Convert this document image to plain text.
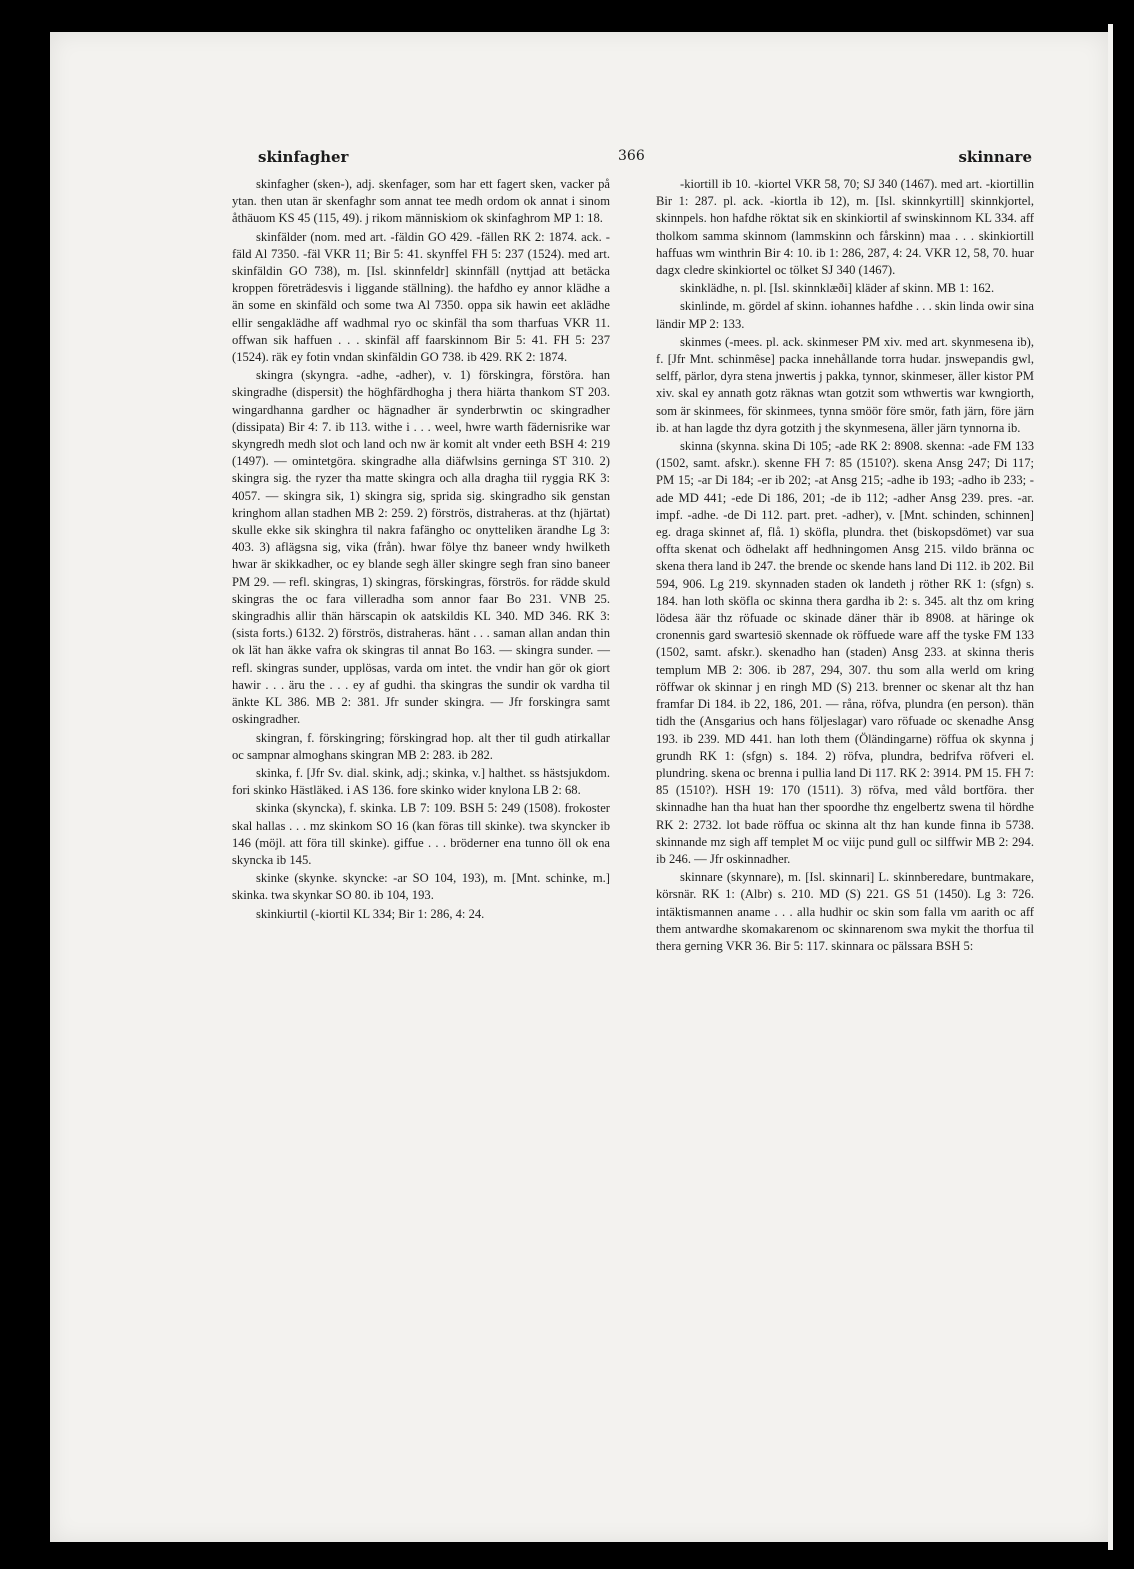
skinfagher	366	skinnare

skinfagher (sken-), adj. skenfager, som har ett fagert sken, vacker på ytan. then utan är skenfaghr som annat tee medh ordom ok annat i sinom åthäuom KS 45 (115, 49). j rikom människiom ok skinfaghrom MP 1: 18.

skinfälder (nom. med art. -fäldin GO 429. -fällen RK 2: 1874. ack. -fäld Al 7350. -fäl VKR 11; Bir 5: 41. skynffel FH 5: 237 (1524). med art. skinfäldin GO 738), m. [Isl. skinnfeldr] skinnfäll (nyttjad att betäcka kroppen företrädesvis i liggande ställning). the hafdho ey annor klädhe a än some en skinfäld och some twa Al 7350. oppa sik hawin eet aklädhe ellir sengaklädhe aff wadhmal ryo oc skinfäl tha som tharfuas VKR 11. offwan sik haffuen . . . skinfäl aff faarskinnom Bir 5: 41. FH 5: 237 (1524). räk ey fotin vndan skinfäldin GO 738. ib 429. RK 2: 1874.

skingra (skyngra. -adhe, -adher), v. 1) förskingra, förstöra. han skingradhe (dispersit) the höghfärdhogha j thera hiärta thankom ST 203. wingardhanna gardher oc hägnadher är synderbrwtin oc skingradher (dissipata) Bir 4: 7. ib 113. withe i . . . weel, hwre warth fädernisrike war skyngredh medh slot och land och nw är komit alt vnder eeth BSH 4: 219 (1497). — omintetgöra. skingradhe alla diäfwlsins gerninga ST 310. 2) skingra sig. the ryzer tha matte skingra och alla dragha tiil ryggia RK 3: 4057. — skingra sik, 1) skingra sig, sprida sig. skingradho sik genstan kringhom allan stadhen MB 2: 259. 2) förströs, distraheras. at thz (hjärtat) skulle ekke sik skinghra til nakra fafängho oc onytteliken ärandhe Lg 3: 403. 3) aflägsna sig, vika (från). hwar fölye thz baneer wndy hwilketh hwar är skikkadher, oc ey blande segh äller skingre segh fran sino baneer PM 29. — refl. skingras, 1) skingras, förskingras, förströs. for rädde skuld skingras the oc fara villeradha som annor faar Bo 231. VNB 25. skingradhis allir thän härscapin ok aatskildis KL 340. MD 346. RK 3: (sista forts.) 6132. 2) förströs, distraheras. hänt . . . saman allan andan thin ok lät han äkke vafra ok skingras til annat Bo 163. — skingra sunder. — refl. skingras sunder, upplösas, varda om intet. the vndir han gör ok giort hawir . . . äru the . . . ey af gudhi. tha skingras the sundir ok vardha til änkte KL 386. MB 2: 381. Jfr sunder skingra. — Jfr forskingra samt oskingradher.

skingran, f. förskingring; förskingrad hop. alt ther til gudh atirkallar oc sampnar almoghans skingran MB 2: 283. ib 282.

skinka, f. [Jfr Sv. dial. skink, adj.; skinka, v.] halthet. ss hästsjukdom. fori skinko Hästläked. i AS 136. fore skinko wider knylona LB 2: 68.

skinka (skyncka), f. skinka. LB 7: 109. BSH 5: 249 (1508). frokoster skal hallas . . . mz skinkom SO 16 (kan föras till skinke). twa skyncker ib 146 (möjl. att föra till skinke). giffue . . . bröderner ena tunno öll ok ena skyncka ib 145.

skinke (skynke. skyncke: -ar SO 104, 193), m. [Mnt. schinke, m.] skinka. twa skynkar SO 80. ib 104, 193.

skinkiurtil (-kiortil KL 334; Bir 1: 286, 4: 24.

-kiortill ib 10. -kiortel VKR 58, 70; SJ 340 (1467). med art. -kiortillin Bir 1: 287. pl. ack. -kiortla ib 12), m. [Isl. skinnkyrtill] skinnkjortel, skinnpels. hon hafdhe röktat sik en skinkiortil af swinskinnom KL 334. aff tholkom samma skinnom (lammskinn och fårskinn) maa . . . skinkiortill haffuas wm winthrin Bir 4: 10. ib 1: 286, 287, 4: 24. VKR 12, 58, 70. huar dagx cledre skinkiortel oc tölket SJ 340 (1467).

skinklädhe, n. pl. [Isl. skinnklæði] kläder af skinn. MB 1: 162.

skinlinde, m. gördel af skinn. iohannes hafdhe . . . skin linda owir sina ländir MP 2: 133.

skinmes (-mees. pl. ack. skinmeser PM xiv. med art. skynmesena ib), f. [Jfr Mnt. schinmêse] packa innehållande torra hudar. jnswepandis gwl, selff, pärlor, dyra stena jnwertis j pakka, tynnor, skinmeser, äller kistor PM xiv. skal ey annath gotz räknas wtan gotzit som wthwertis war kwngiorth, som är skinmees, för skinmees, tynna smöör före smör, fath järn, före järn ib. at han lagde thz dyra gotzith j the skynmesena, äller järn tynnorna ib.

skinna (skynna. skina Di 105; -ade RK 2: 8908. skenna: -ade FM 133 (1502, samt. afskr.). skenne FH 7: 85 (1510?). skena Ansg 247; Di 117; PM 15; -ar Di 184; -er ib 202; -at Ansg 215; -adhe ib 193; -adho ib 233; -ade MD 441; -ede Di 186, 201; -de ib 112; -adher Ansg 239. pres. -ar. impf. -adhe. -de Di 112. part. pret. -adher), v. [Mnt. schinden, schinnen] eg. draga skinnet af, flå. 1) sköfla, plundra. thet (biskopsdömet) var sua offta skenat och ödhelakt aff hedhningomen Ansg 215. vildo bränna oc skena thera land ib 247. the brende oc skende hans land Di 112. ib 202. Bil 594, 906. Lg 219. skynnaden staden ok landeth j röther RK 1: (sfgn) s. 184. han loth sköfla oc skinna thera gardha ib 2: s. 345. alt thz om kring lödesa äär thz röfuade oc skinade däner thär ib 8908. at häringe ok cronennis gard swartesiö skennade ok röffuede ware aff the tyske FM 133 (1502, samt. afskr.). skenadho han (staden) Ansg 233. at skinna theris templum MB 2: 306. ib 287, 294, 307. thu som alla werld om kring röffwar ok skinnar j en ringh MD (S) 213. brenner oc skenar alt thz han framfar Di 184. ib 22, 186, 201. — råna, röfva, plundra (en person). thän tidh the (Ansgarius och hans följeslagar) varo röfuade oc skenadhe Ansg 193. ib 239. MD 441. han loth them (Öländingarne) röffua ok skynna j grundh RK 1: (sfgn) s. 184. 2) röfva, plundra, bedrifva röfveri el. plundring. skena oc brenna i pullia land Di 117. RK 2: 3914. PM 15. FH 7: 85 (1510?). HSH 19: 170 (1511). 3) röfva, med våld bortföra. ther skinnadhe han tha huat han ther spoordhe thz engelbertz swena til hördhe RK 2: 2732. lot bade röffua oc skinna alt thz han kunde finna ib 5738. skinnande mz sigh aff templet M oc viijc pund gull oc silffwir MB 2: 294. ib 246. — Jfr oskinnadher.

skinnare (skynnare), m. [Isl. skinnari] L. skinnberedare, buntmakare, körsnär. RK 1: (Albr) s. 210. MD (S) 221. GS 51 (1450). Lg 3: 726. intäktismannen aname . . . alla hudhir oc skin som falla vm aarith oc aff them antwardhe skomakarenom oc skinnarenom swa mykit the thorfua til thera gerning VKR 36. Bir 5: 117. skinnara oc pälssara BSH 5:
